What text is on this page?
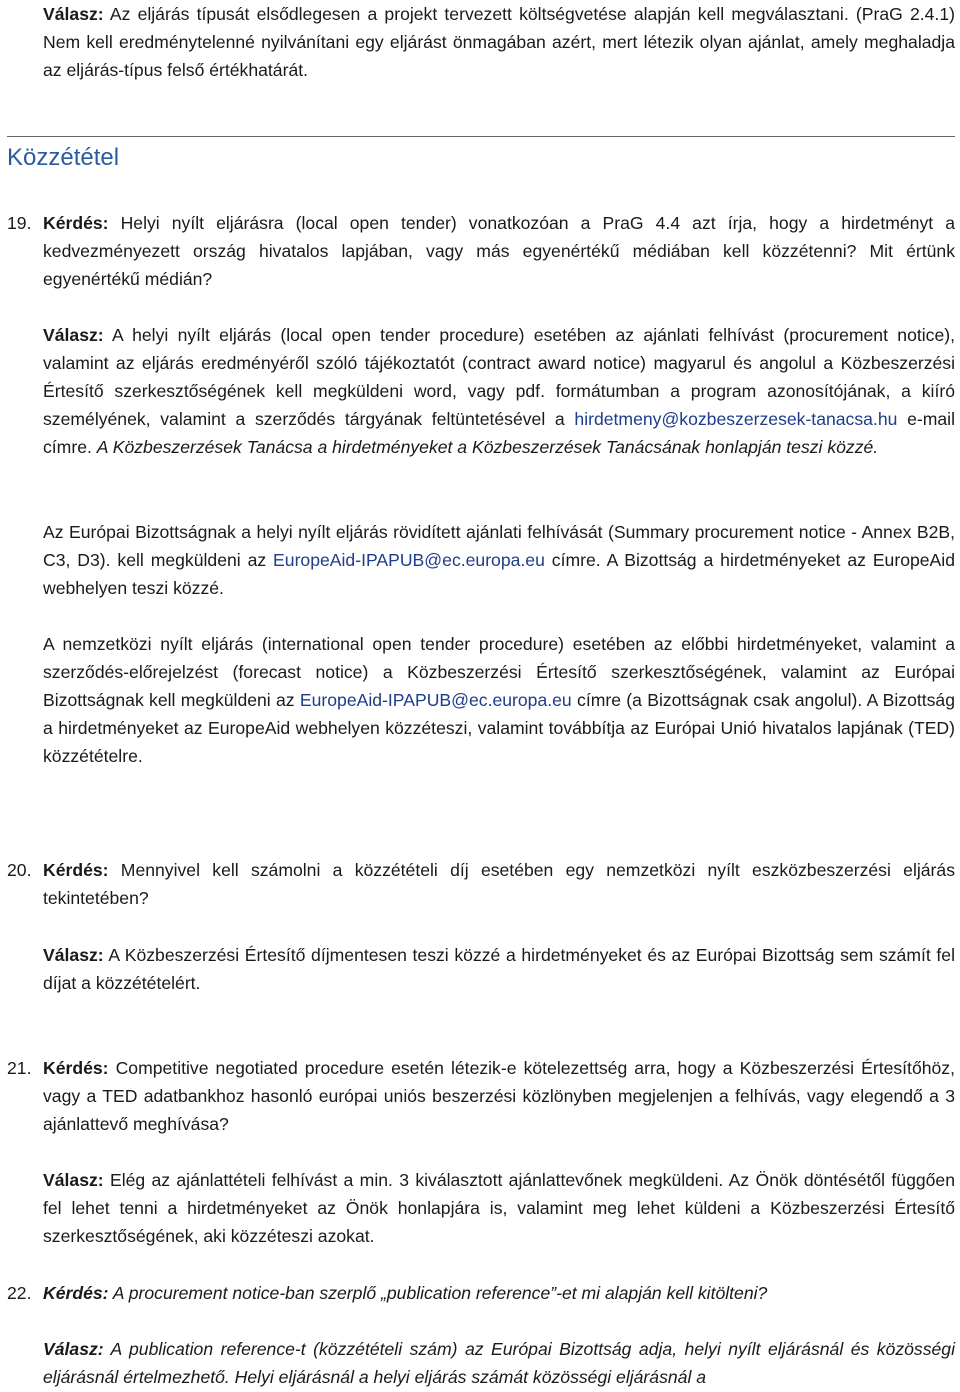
Válasz: Az eljárás típusát elsődlegesen a projekt tervezett költségvetése alapján kell megválasztani. (PraG 2.4.1) Nem kell eredménytelenné nyilvánítani egy eljárást önmagában azért, mert létezik olyan ajánlat, amely meghaladja az eljárás-típus felső értékhatárát.

Közzététel

19. Kérdés: Helyi nyílt eljárásra (local open tender) vonatkozóan a PraG 4.4 azt írja, hogy a hirdetményt a kedvezményezett ország hivatalos lapjában, vagy más egyenértékű médiában kell közzétenni? Mit értünk egyenértékű médián?

Válasz: A helyi nyílt eljárás (local open tender procedure) esetében az ajánlati felhívást (procurement notice), valamint az eljárás eredményéről szóló tájékoztatót (contract award notice) magyarul és angolul a Közbeszerzési Értesítő szerkesztőségének kell megküldeni word, vagy pdf. formátumban a program azonosítójának, a kiíró személyének, valamint a szerződés tárgyának feltüntetésével a hirdetmeny@kozbeszerzesek-tanacsa.hu e-mail címre. A Közbeszerzések Tanácsa a hirdetményeket a Közbeszerzések Tanácsának honlapján teszi közzé.

Az Európai Bizottságnak a helyi nyílt eljárás rövidített ajánlati felhívását (Summary procurement notice - Annex B2B, C3, D3). kell megküldeni az EuropeAid-IPAPUB@ec.europa.eu címre. A Bizottság a hirdetményeket az EuropeAid webhelyen teszi közzé.

A nemzetközi nyílt eljárás (international open tender procedure) esetében az előbbi hirdetményeket, valamint a szerződés-előrejelzést (forecast notice) a Közbeszerzési Értesítő szerkesztőségének, valamint az Európai Bizottságnak kell megküldeni az EuropeAid-IPAPUB@ec.europa.eu címre (a Bizottságnak csak angolul). A Bizottság a hirdetményeket az EuropeAid webhelyen közzéteszi, valamint továbbítja az Európai Unió hivatalos lapjának (TED) közzétételre.

20. Kérdés: Mennyivel kell számolni a közzétételi díj esetében egy nemzetközi nyílt eszközbeszerzési eljárás tekintetében?

Válasz: A Közbeszerzési Értesítő díjmentesen teszi közzé a hirdetményeket és az Európai Bizottság sem számít fel díjat a közzétételért.

21. Kérdés: Competitive negotiated procedure esetén létezik-e kötelezettség arra, hogy a Közbeszerzési Értesítőhöz, vagy a TED adatbankhoz hasonló európai uniós beszerzési közlönyben megjelenjen a felhívás, vagy elegendő a 3 ajánlattevő meghívása?

Válasz: Elég az ajánlattételi felhívást a min. 3 kiválasztott ajánlattevőnek megküldeni. Az Önök döntésétől függően fel lehet tenni a hirdetményeket az Önök honlapjára is, valamint meg lehet küldeni a Közbeszerzési Értesítő szerkesztőségének, aki közzéteszi azokat.

22. Kérdés: A procurement notice-ban szerplő „publication reference”-et mi alapján kell kitölteni?

Válasz: A publication reference-t (közzétételi szám) az Európai Bizottság adja, helyi nyílt eljárásnál és közösségi eljárásnál értelmezhető. Helyi eljárásnál a helyi eljárás számát közösségi eljárásnál a
